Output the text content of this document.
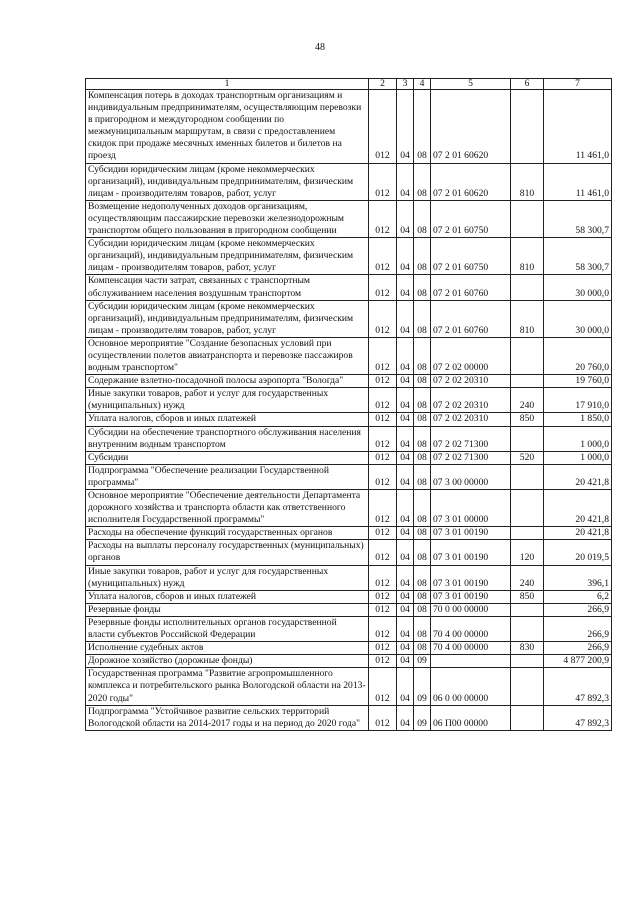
48
1	2	3	4	5	6	7
Компенсация потерь в доходах транспортным организациям и индивидуальным предпринимателям, осуществляющим перевозки в пригородном и междугородном сообщении по межмуниципальным маршрутам, в связи с предоставлением скидок при продаже месячных именных билетов и билетов на проезд	012	04	08	07 2 01 60620		11 461,0
Субсидии юридическим лицам (кроме некоммерческих организаций), индивидуальным предпринимателям, физическим лицам - производителям товаров, работ, услуг	012	04	08	07 2 01 60620	810	11 461,0
Возмещение недополученных доходов организациям, осуществляющим пассажирские перевозки железнодорожным транспортом общего пользования в пригородном сообщении	012	04	08	07 2 01 60750		58 300,7
Субсидии юридическим лицам (кроме некоммерческих организаций), индивидуальным предпринимателям, физическим лицам - производителям товаров, работ, услуг	012	04	08	07 2 01 60750	810	58 300,7
Компенсация части затрат, связанных с транспортным обслуживанием населения воздушным транспортом	012	04	08	07 2 01 60760		30 000,0
Субсидии юридическим лицам (кроме некоммерческих организаций), индивидуальным предпринимателям, физическим лицам - производителям товаров, работ, услуг	012	04	08	07 2 01 60760	810	30 000,0
Основное мероприятие "Создание безопасных условий при осуществлении полетов авиатранспорта и перевозке пассажиров водным транспортом"	012	04	08	07 2 02 00000		20 760,0
Содержание взлетно-посадочной полосы аэропорта "Вологда"	012	04	08	07 2 02 20310		19 760,0
Иные закупки товаров, работ и услуг для государственных (муниципальных) нужд	012	04	08	07 2 02 20310	240	17 910,0
Уплата налогов, сборов и иных платежей	012	04	08	07 2 02 20310	850	1 850,0
Субсидии на обеспечение транспортного обслуживания населения внутренним водным транспортом	012	04	08	07 2 02 71300		1 000,0
Субсидии	012	04	08	07 2 02 71300	520	1 000,0
Подпрограмма "Обеспечение реализации Государственной программы"	012	04	08	07 3 00 00000		20 421,8
Основное мероприятие "Обеспечение деятельности Департамента дорожного хозяйства и транспорта области как ответственного исполнителя Государственной программы"	012	04	08	07 3 01 00000		20 421,8
Расходы на обеспечение функций государственных органов	012	04	08	07 3 01 00190		20 421,8
Расходы на выплаты персоналу государственных (муниципальных) органов	012	04	08	07 3 01 00190	120	20 019,5
Иные закупки товаров, работ и услуг для государственных (муниципальных) нужд	012	04	08	07 3 01 00190	240	396,1
Уплата налогов, сборов и иных платежей	012	04	08	07 3 01 00190	850	6,2
Резервные фонды	012	04	08	70 0 00 00000		266,9
Резервные фонды исполнительных органов государственной власти субъектов Российской Федерации	012	04	08	70 4 00 00000		266,9
Исполнение судебных актов	012	04	08	70 4 00 00000	830	266,9
Дорожное хозяйство (дорожные фонды)	012	04	09			4 877 200,9
Государственная программа "Развитие агропромышленного комплекса и потребительского рынка Вологодской области на 2013-2020 годы"	012	04	09	06 0 00 00000		47 892,3
Подпрограмма "Устойчивое развитие сельских территорий Вологодской области на 2014-2017 годы и на период до 2020 года"	012	04	09	06 П00 00000		47 892,3
